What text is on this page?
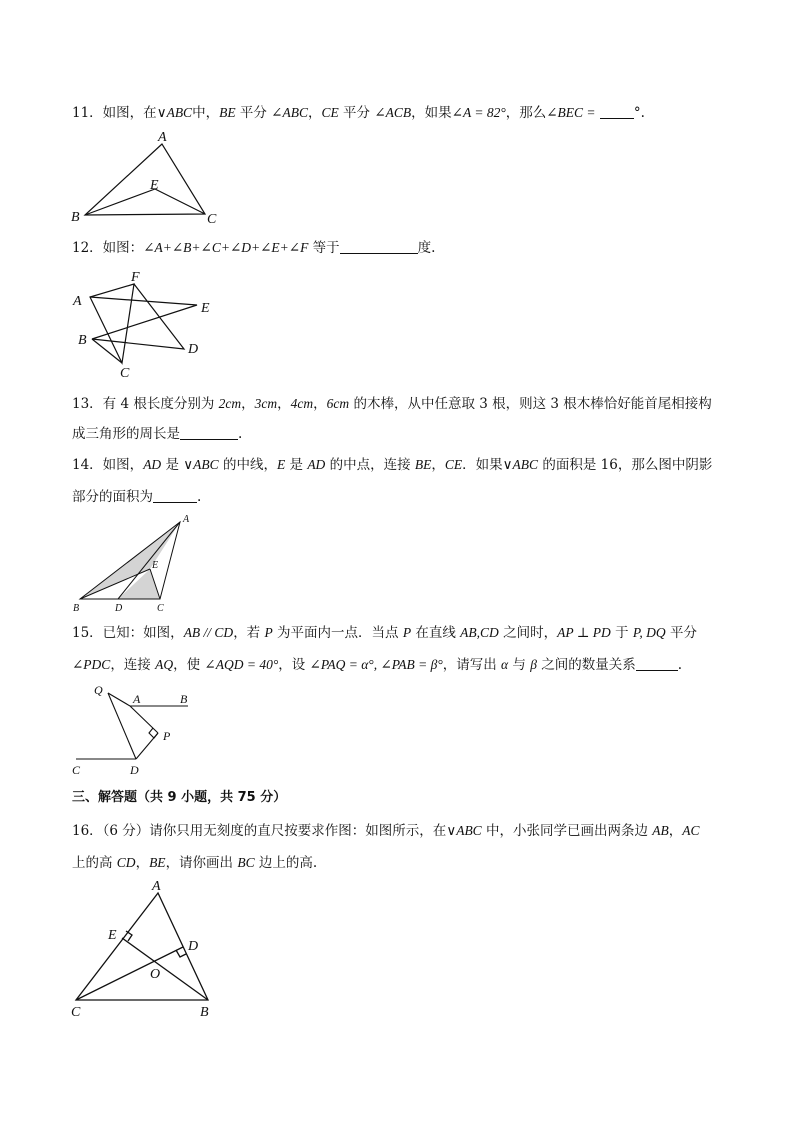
11．如图，在∨ABC中，BE 平分 ∠ABC，CE 平分 ∠ACB，如果∠A = 82°，那么∠BEC =	°.
A
B	C
E
12．如图：∠A+∠B+∠C+∠D+∠E+∠F 等于	度.
F
A	E
B
D
C
13．有 4 根长度分别为 2cm，3cm，4cm，6cm 的木棒，从中任意取 3 根，则这 3 根木棒恰好能首尾相接构
成三角形的周长是	.
14．如图，AD 是 ∨ABC 的中线，E 是 AD 的中点，连接 BE，CE．如果∨ABC 的面积是 16，那么图中阴影
部分的面积为	.
A
B	D	C
E
15．已知：如图，AB // CD，若 P 为平面内一点．当点 P 在直线 AB,CD 之间时，AP ⊥ PD 于 P, DQ 平分
∠PDC，连接 AQ，使 ∠AQD = 40°，设 ∠PAQ = α°, ∠PAB = β°，请写出 α 与 β 之间的数量关系	.
Q
A	B
P
C	D
三、解答题（共 9 小题，共 75 分）
16．（6 分）请你只用无刻度的直尺按要求作图：如图所示，在∨ABC 中，小张同学已画出两条边 AB，AC
上的高 CD，BE，请你画出 BC 边上的高.
A
E
D
O
C	B
